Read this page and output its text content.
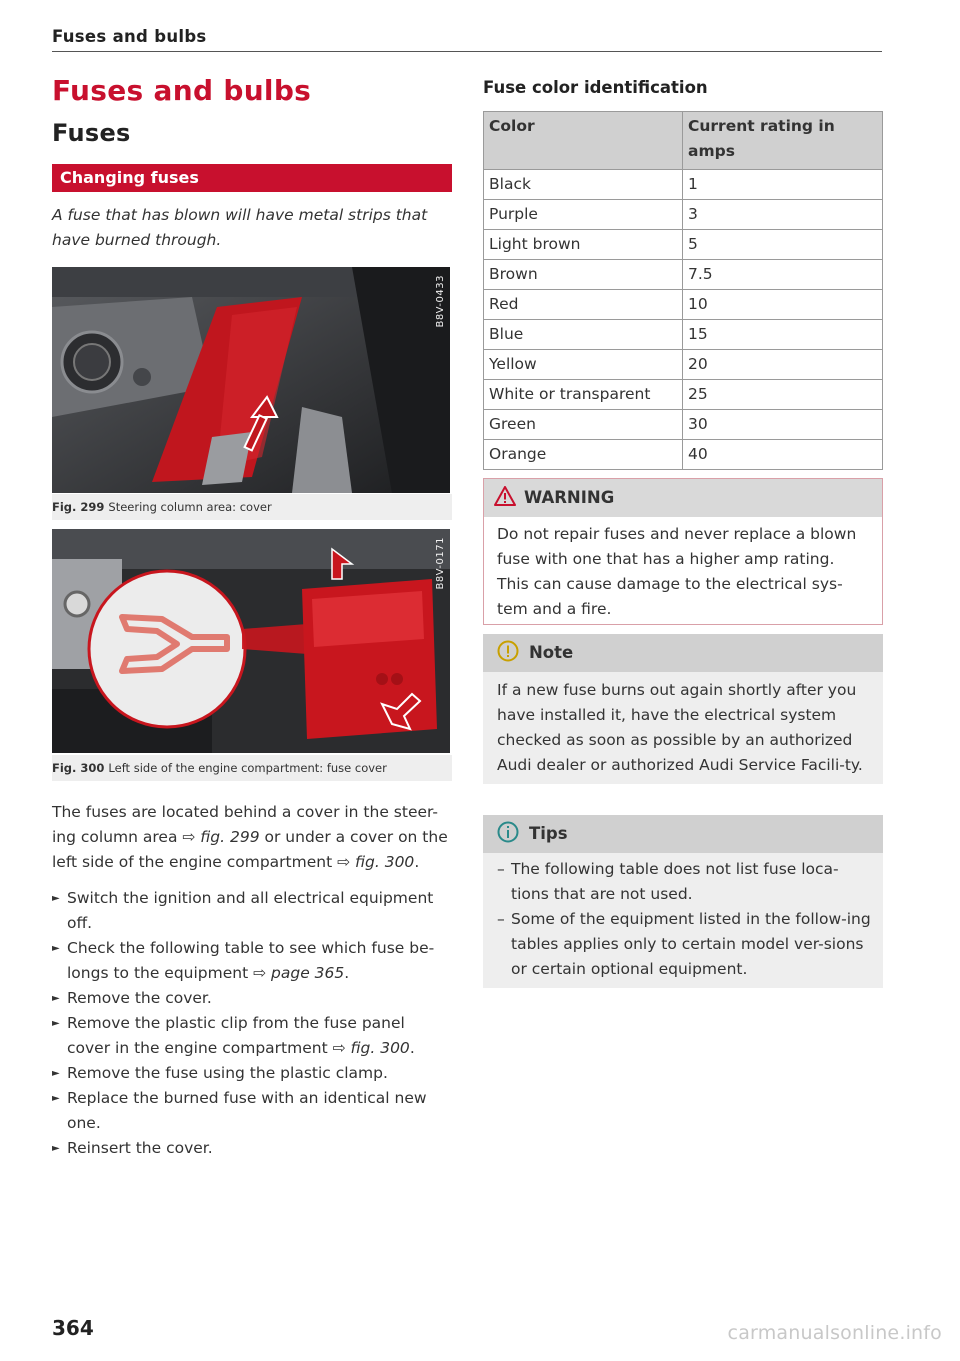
Fuses and bulbs
Fuses and bulbs
Fuses
Changing fuses
A fuse that has blown will have metal strips that have burned through.
B8V-0433
Fig. 299 Steering column area: cover
B8V-0171
Fig. 300 Left side of the engine compartment: fuse cover

The fuses are located behind a cover in the steer-ing column area ⇨ fig. 299 or under a cover on the left side of the engine compartment ⇨ fig. 300.

► Switch the ignition and all electrical equipment off.
► Check the following table to see which fuse be-longs to the equipment ⇨ page 365.
► Remove the cover.
► Remove the plastic clip from the fuse panel cover in the engine compartment ⇨ fig. 300.
► Remove the fuse using the plastic clamp.
► Replace the burned fuse with an identical new one.
► Reinsert the cover.
364
Fuse color identification
Color	Current rating in amps
Black	1
Purple	3
Light brown	5
Brown	7.5
Red	10
Blue	15
Yellow	20
White or transparent	25
Green	30
Orange	40
WARNING
Do not repair fuses and never replace a blown fuse with one that has a higher amp rating. This can cause damage to the electrical sys-tem and a fire.
Note
If a new fuse burns out again shortly after you have installed it, have the electrical system checked as soon as possible by an authorized Audi dealer or authorized Audi Service Facili-ty.
Tips
– The following table does not list fuse loca-tions that are not used.
– Some of the equipment listed in the follow-ing tables applies only to certain model ver-sions or certain optional equipment.
carmanualsonline.info
